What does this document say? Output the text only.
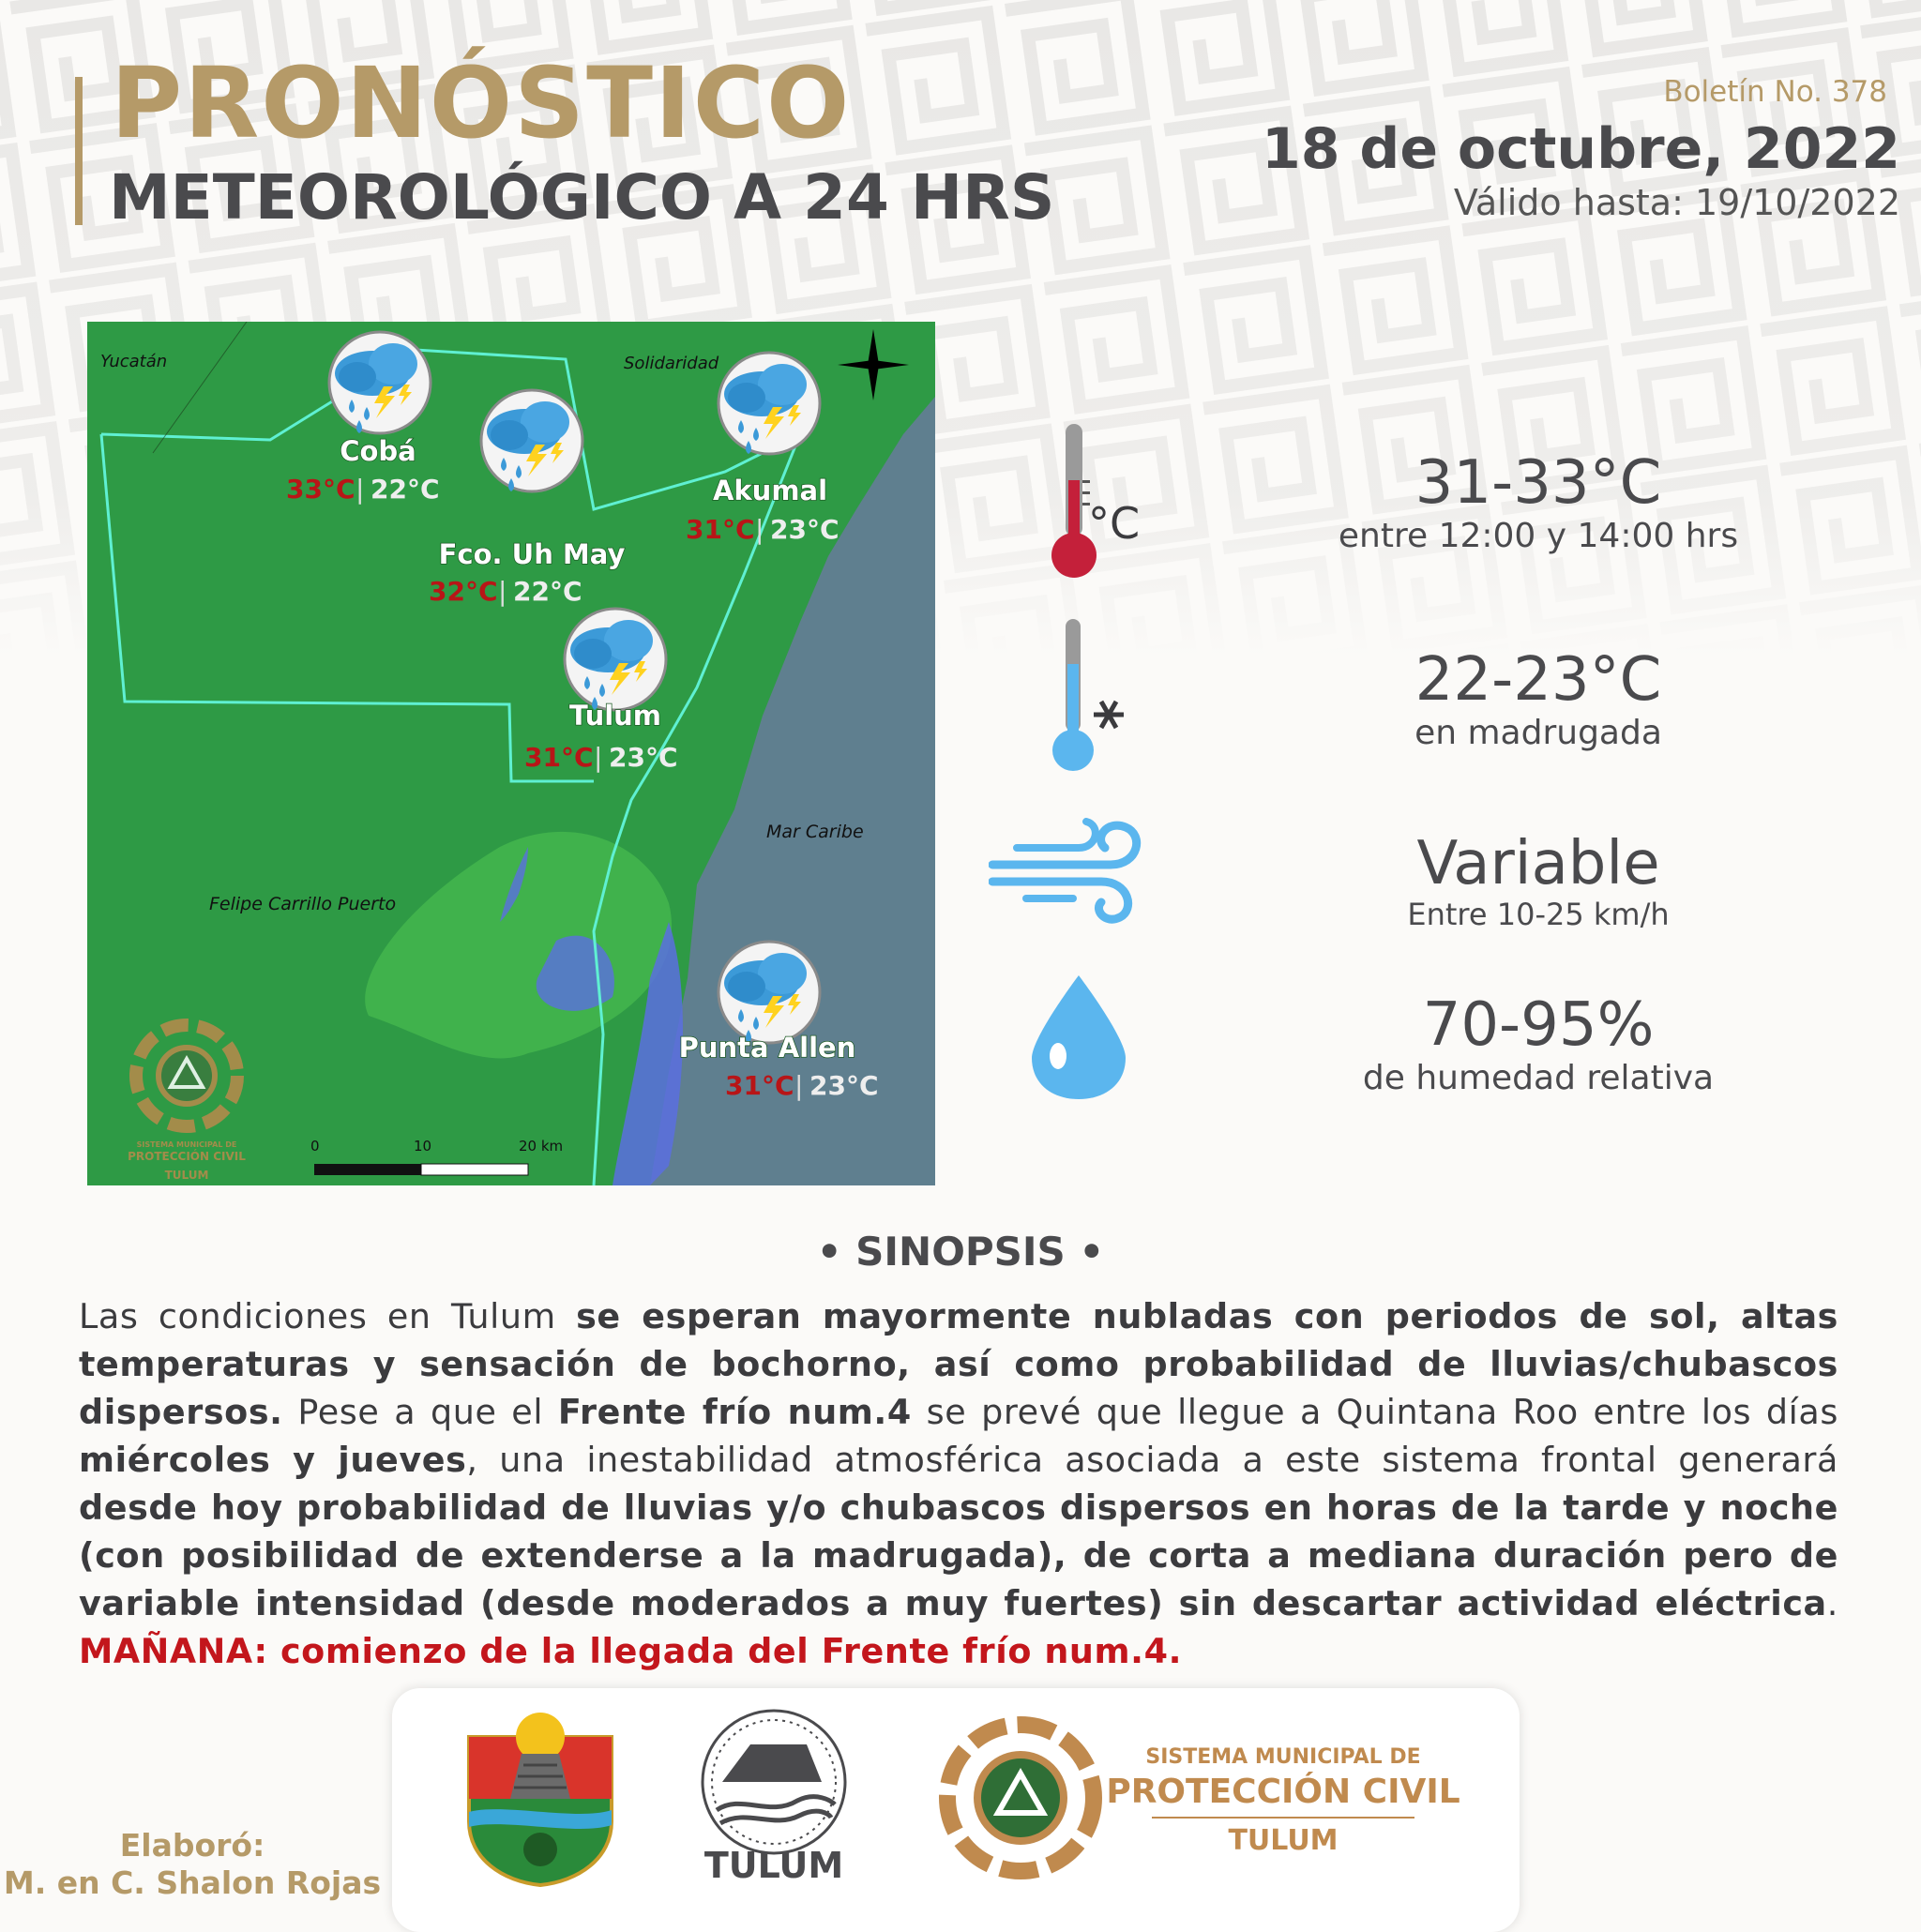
PRONÓSTICO
METEOROLÓGICO A 24 HRS
Boletín No. 378
18 de octubre, 2022
Válido hasta: 19/10/2022
Yucatán	Solidaridad
Felipe Carrillo Puerto
Mar Caribe
Cobá
33°C | 22°C
Fco. Uh May
32°C | 22°C
Akumal
31°C | 23°C
Tulum
31°C | 23°C
Punta Allen
31°C | 23°C
0	10	20 km
SISTEMA MUNICIPAL DE
PROTECCIÓN CIVIL
TULUM
°C
31-33°C
entre 12:00 y 14:00 hrs
22-23°C
en madrugada
Variable
Entre 10-25 km/h
70-95%
de humedad relativa
• SINOPSIS •
Las condiciones en Tulum se esperan mayormente nubladas con periodos de sol, altas temperaturas y sensación de bochorno, así como probabilidad de lluvias/chubascos dispersos. Pese a que el Frente frío num.4 se prevé que llegue a Quintana Roo entre los días miércoles y jueves, una inestabilidad atmosférica asociada a este sistema frontal generará desde hoy probabilidad de lluvias y/o chubascos dispersos en horas de la tarde y noche (con posibilidad de extenderse a la madrugada), de corta a mediana duración pero de variable intensidad (desde moderados a muy fuertes) sin descartar actividad eléctrica. MAÑANA: comienzo de la llegada del Frente frío num.4.
TULUM
SISTEMA MUNICIPAL DE
PROTECCIÓN CIVIL
TULUM
Elaboró:
M. en C. Shalon Rojas
